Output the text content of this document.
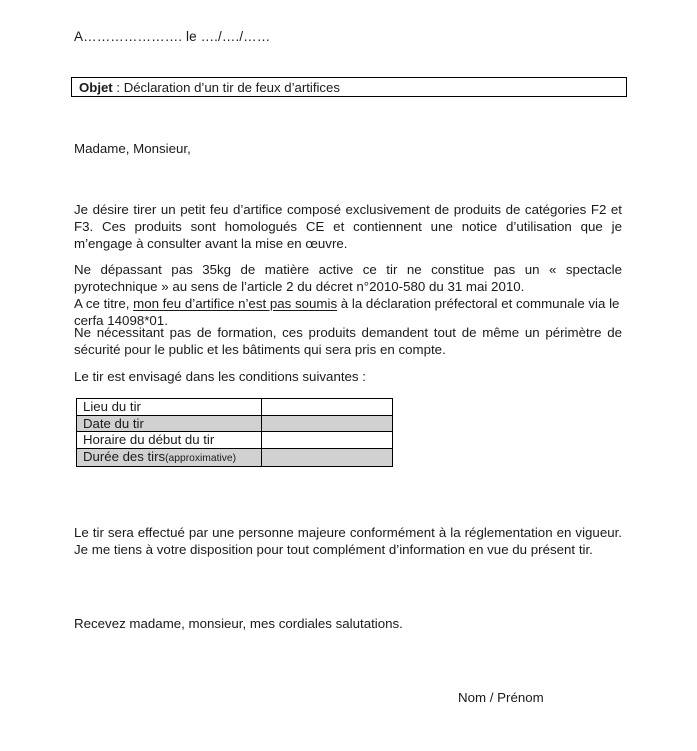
A…………………. le …./…./……
Objet : Déclaration d’un tir de feux d’artifices

Madame, Monsieur,

Je désire tirer un petit feu d’artifice composé exclusivement de produits de catégories F2 et F3. Ces produits sont homologués CE et contiennent une notice d’utilisation que je m’engage à consulter avant la mise en œuvre.

Ne dépassant pas 35kg de matière active ce tir ne constitue pas un « spectacle pyrotechnique » au sens de l’article 2 du décret n°2010-580 du 31 mai 2010.

A ce titre, mon feu d’artifice n’est pas soumis à la déclaration préfectoral et communale via le cerfa 14098*01.

Ne nécessitant pas de formation, ces produits demandent tout de même un périmètre de sécurité pour le public et les bâtiments qui sera pris en compte.

Le tir est envisagé dans les conditions suivantes :

Lieu du tir	
Date du tir	
Horaire du début du tir	
Durée des tirs(approximative)	

Le tir sera effectué par une personne majeure conformément à la réglementation en vigueur. Je me tiens à votre disposition pour tout complément d’information en vue du présent tir.

Recevez madame, monsieur, mes cordiales salutations.

Nom / Prénom
